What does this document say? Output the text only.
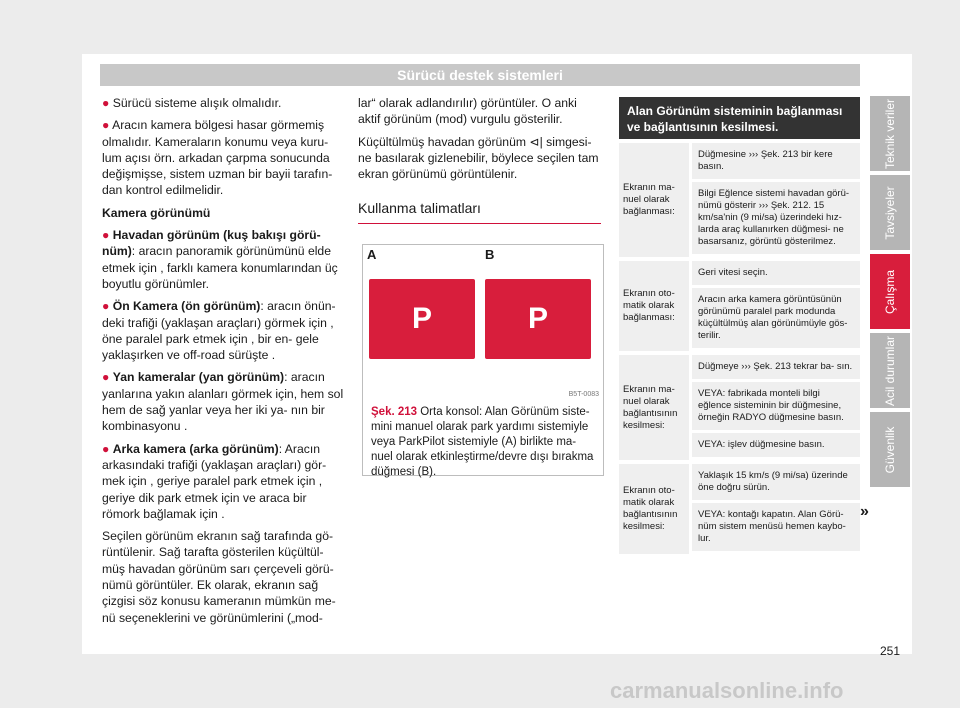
Sürücü destek sistemleri

● Sürücü sisteme alışık olmalıdır.

● Aracın kamera bölgesi hasar görmemiş olmalıdır. Kameraların konumu veya kuru- lum açısı örn. arkadan çarpma sonucunda değişmişse, sistem uzman bir bayii tarafın- dan kontrol edilmelidir.

Kamera görünümü

● Havadan görünüm (kuş bakışı görü- nüm): aracın panoramik görünümünü elde etmek için , farklı kamera konumlarından üç boyutlu görünümler.

● Ön Kamera (ön görünüm): aracın önün- deki trafiği (yaklaşan araçları) görmek için , öne paralel park etmek için , bir en- gele yaklaşırken ve off-road sürüşte .

● Yan kameralar (yan görünüm): aracın yanlarına yakın alanları görmek için, hem sol hem de sağ yanlar veya her iki ya- nın bir kombinasyonu .

● Arka kamera (arka görünüm): Aracın arkasındaki trafiği (yaklaşan araçları) gör- mek için , geriye paralel park etmek için , geriye dik park etmek için ve araca bir römork bağlamak için .

Seçilen görünüm ekranın sağ tarafında gö- rüntülenir. Sağ tarafta gösterilen küçültül- müş havadan görünüm sarı çerçeveli görü- nümü görüntüler. Ek olarak, ekranın sağ çizgisi söz konusu kameranın mümkün me- nü seçeneklerini ve görünümlerini („mod-

lar“ olarak adlandırılır) görüntüler. O anki aktif görünüm (mod) vurgulu gösterilir.

Küçültülmüş havadan görünüm ⊲| simgesi- ne basılarak gizlenebilir, böylece seçilen tam ekran görünümü görüntülenir.

Kullanma talimatları
A	B
P	P
B5T-0083
Şek. 213 Orta konsol: Alan Görünüm siste- mini manuel olarak park yardımı sistemiyle veya ParkPilot sistemiyle (A) birlikte ma- nuel olarak etkinleştirme/devre dışı bırakma düğmesi (B).
Alan Görünüm sisteminin bağlanması ve bağlantısının kesilmesi.
Ekranın ma- nuel olarak bağlanması:
Düğmesine ››› Şek. 213 bir kere basın.
Bilgi Eğlence sistemi havadan görü- nümü gösterir ››› Şek. 212. 15 km/sa'nin (9 mi/sa) üzerindeki hız- larda araç kullanırken düğmesi- ne basarsanız, görüntü gösterilmez.
Ekranın oto- matik olarak bağlanması:
Geri vitesi seçin.
Aracın arka kamera görüntüsünün görünümü paralel park modunda küçültülmüş alan görünümüyle gös- terilir.
Ekranın ma- nuel olarak bağlantısının kesilmesi:
Düğmeye ››› Şek. 213 tekrar ba- sın.
VEYA: fabrikada monteli bilgi eğlence sisteminin bir düğmesine, örneğin RADYO düğmesine basın.
VEYA: işlev düğmesine basın.
Ekranın oto- matik olarak bağlantısının kesilmesi:
Yaklaşık 15 km/s (9 mi/sa) üzerinde öne doğru sürün.
VEYA: kontağı kapatın. Alan Görü- nüm sistem menüsü hemen kaybo- lur.
»
Teknik veriler
Tavsiyeler
Çalışma
Acil durumlar
Güvenlik
251
carmanualsonline.info
